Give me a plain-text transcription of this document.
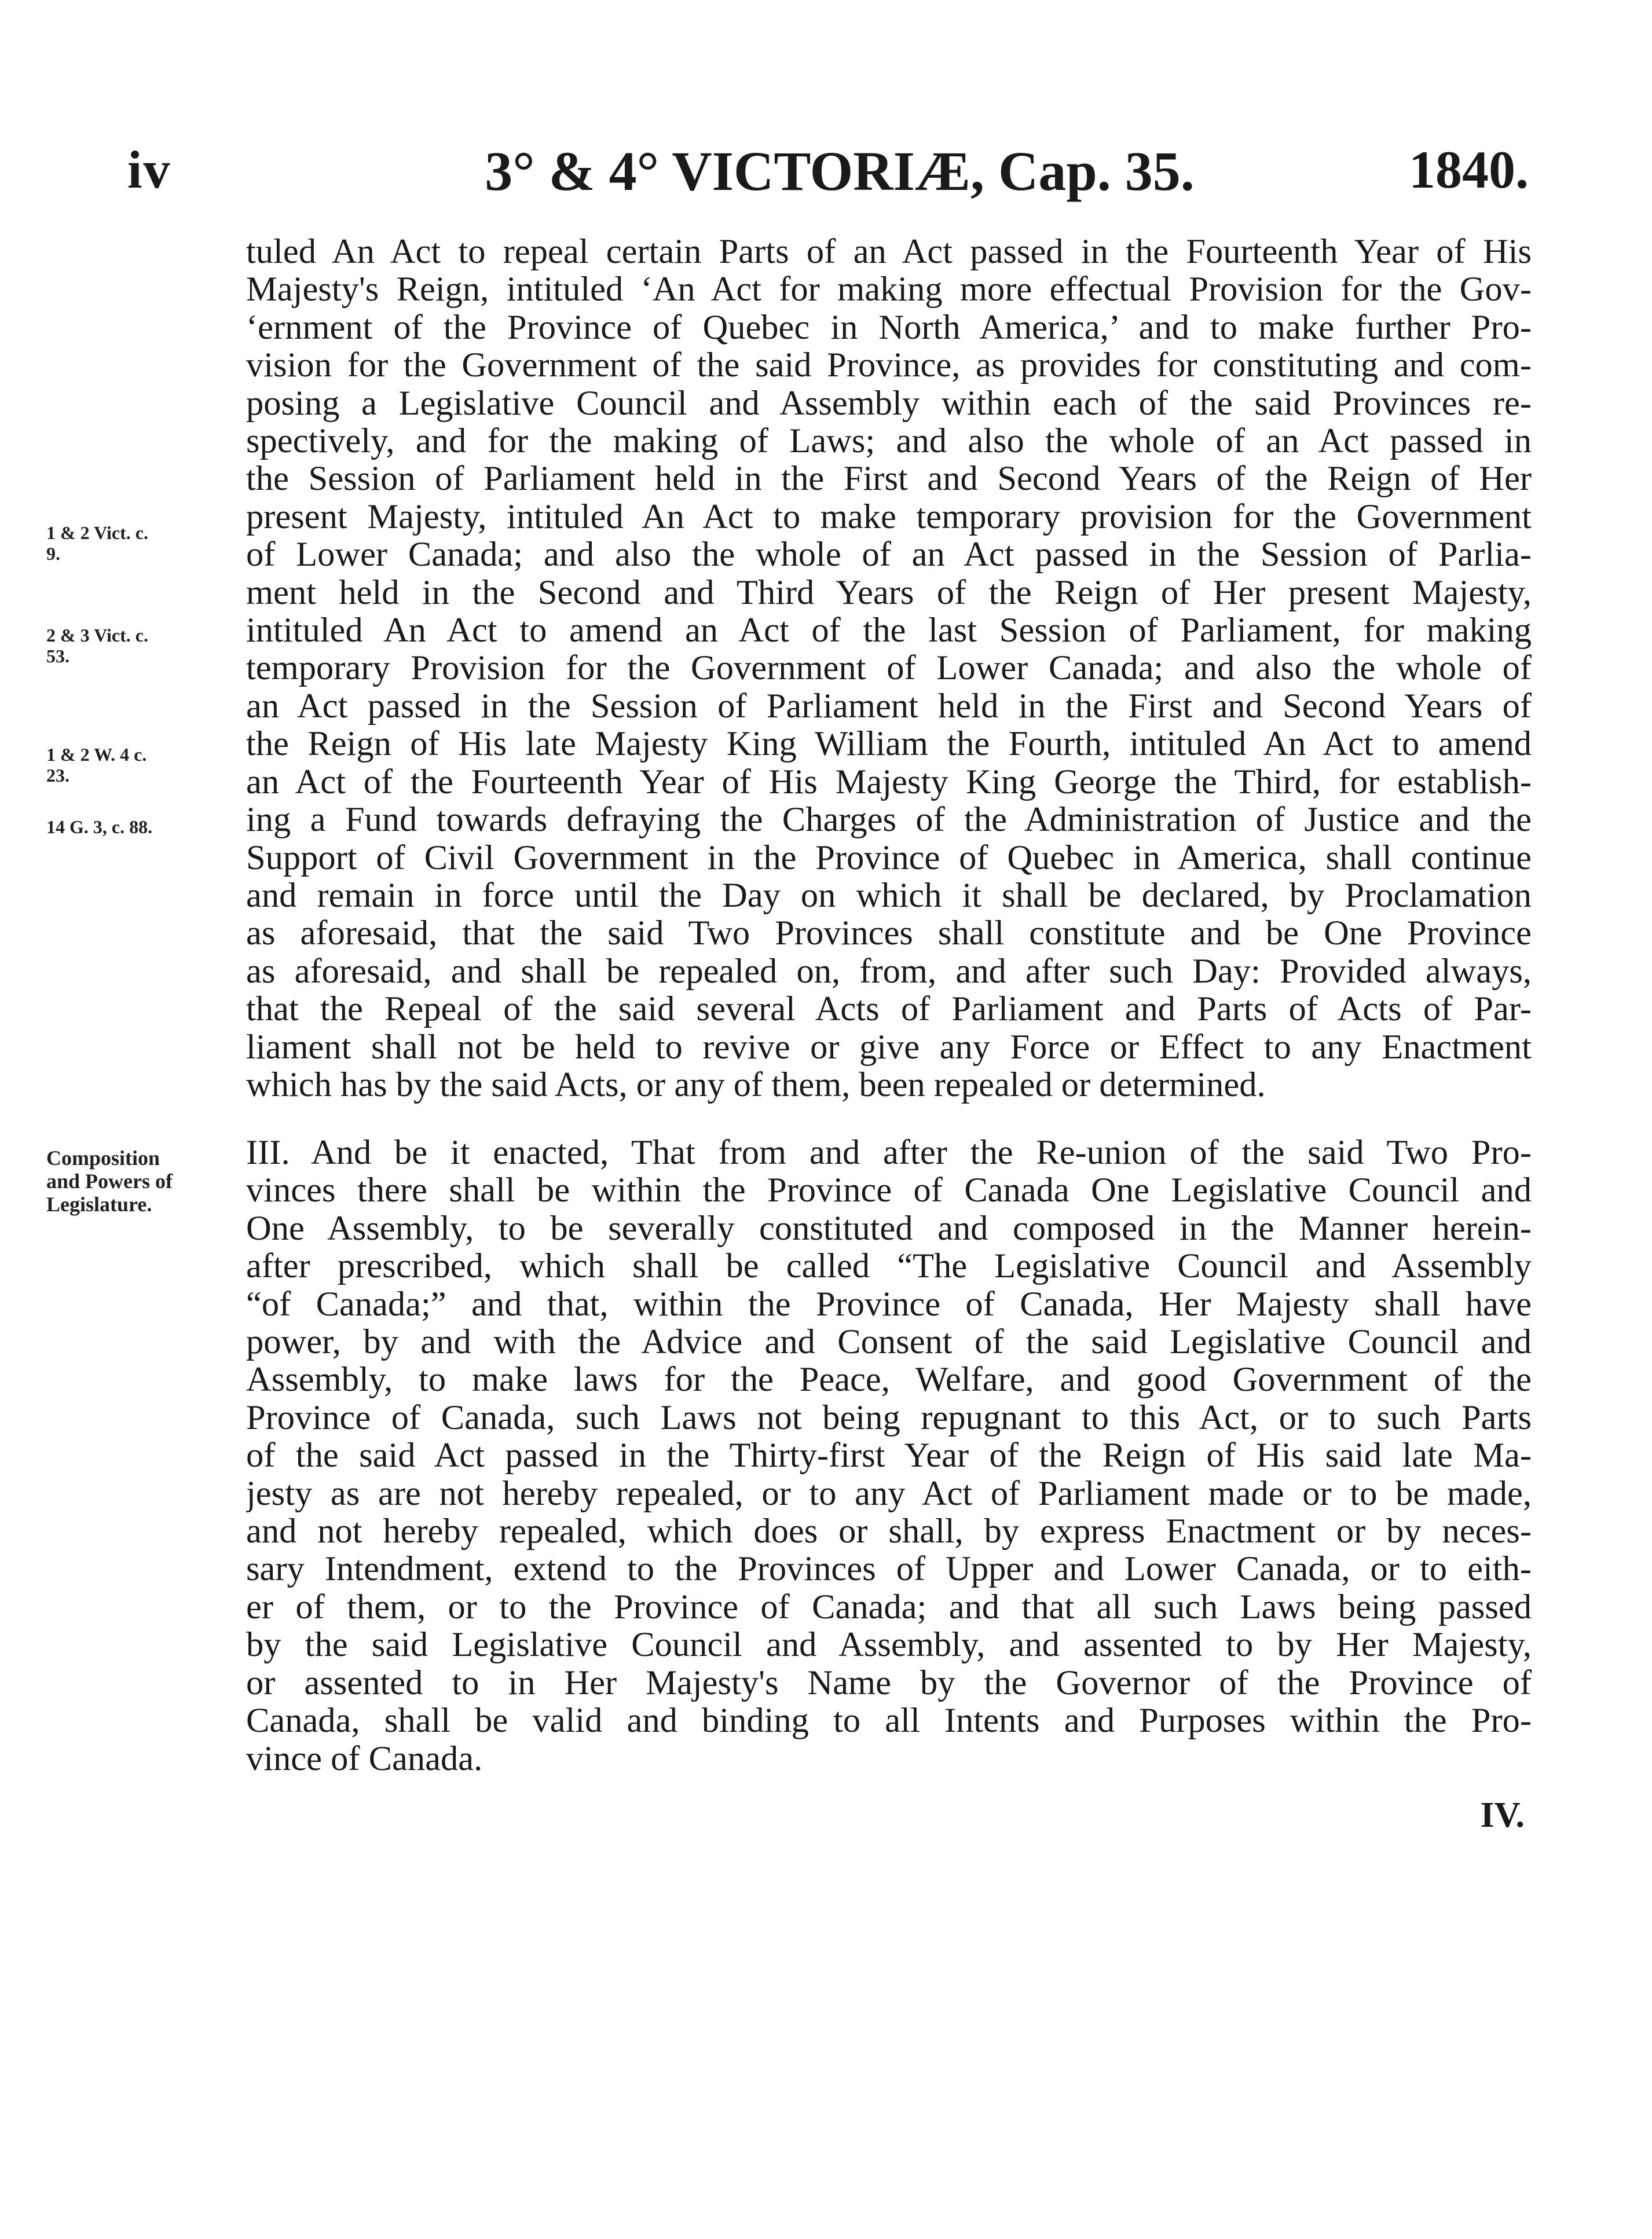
iv	3° & 4° VICTORIÆ, Cap. 35.	1840.
1 & 2 Vict. c.
9.
2 & 3 Vict. c.
53.
1 & 2 W. 4 c.
23.
14 G. 3, c. 88.
Composition
and Powers of
Legislature.
tuled An Act to repeal certain Parts of an Act passed in the Fourteenth Year of His
Majesty's Reign, intituled ‘An Act for making more effectual Provision for the Gov-
‘ernment of the Province of Quebec in North America,’ and to make further Pro-
vision for the Government of the said Province, as provides for constituting and com-
posing a Legislative Council and Assembly within each of the said Provinces re-
spectively, and for the making of Laws; and also the whole of an Act passed in
the Session of Parliament held in the First and Second Years of the Reign of Her
present Majesty, intituled An Act to make temporary provision for the Government
of Lower Canada; and also the whole of an Act passed in the Session of Parlia-
ment held in the Second and Third Years of the Reign of Her present Majesty,
intituled An Act to amend an Act of the last Session of Parliament, for making
temporary Provision for the Government of Lower Canada; and also the whole of
an Act passed in the Session of Parliament held in the First and Second Years of
the Reign of His late Majesty King William the Fourth, intituled An Act to amend
an Act of the Fourteenth Year of His Majesty King George the Third, for establish-
ing a Fund towards defraying the Charges of the Administration of Justice and the
Support of Civil Government in the Province of Quebec in America, shall continue
and remain in force until the Day on which it shall be declared, by Proclamation
as aforesaid, that the said Two Provinces shall constitute and be One Province
as aforesaid, and shall be repealed on, from, and after such Day: Provided always,
that the Repeal of the said several Acts of Parliament and Parts of Acts of Par-
liament shall not be held to revive or give any Force or Effect to any Enactment
which has by the said Acts, or any of them, been repealed or determined.
III. And be it enacted, That from and after the Re-union of the said Two Pro-
vinces there shall be within the Province of Canada One Legislative Council and
One Assembly, to be severally constituted and composed in the Manner herein-
after prescribed, which shall be called “The Legislative Council and Assembly
“of Canada;” and that, within the Province of Canada, Her Majesty shall have
power, by and with the Advice and Consent of the said Legislative Council and
Assembly, to make laws for the Peace, Welfare, and good Government of the
Province of Canada, such Laws not being repugnant to this Act, or to such Parts
of the said Act passed in the Thirty-first Year of the Reign of His said late Ma-
jesty as are not hereby repealed, or to any Act of Parliament made or to be made,
and not hereby repealed, which does or shall, by express Enactment or by neces-
sary Intendment, extend to the Provinces of Upper and Lower Canada, or to eith-
er of them, or to the Province of Canada; and that all such Laws being passed
by the said Legislative Council and Assembly, and assented to by Her Majesty,
or assented to in Her Majesty's Name by the Governor of the Province of
Canada, shall be valid and binding to all Intents and Purposes within the Pro-
vince of Canada.
IV.
